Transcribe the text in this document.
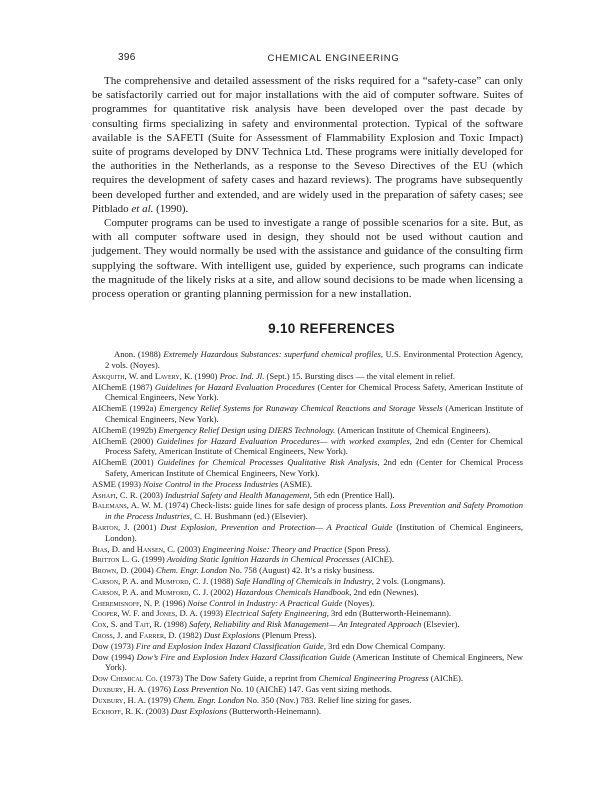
396	CHEMICAL ENGINEERING

The comprehensive and detailed assessment of the risks required for a “safety-case” can only be satisfactorily carried out for major installations with the aid of computer software. Suites of programmes for quantitative risk analysis have been developed over the past decade by consulting firms specializing in safety and environmental protection. Typical of the software available is the SAFETI (Suite for Assessment of Flammability Explosion and Toxic Impact) suite of programs developed by DNV Technica Ltd. These programs were initially developed for the authorities in the Netherlands, as a response to the Seveso Directives of the EU (which requires the development of safety cases and hazard reviews). The programs have subsequently been developed further and extended, and are widely used in the preparation of safety cases; see Pitblado et al. (1990).

Computer programs can be used to investigate a range of possible scenarios for a site. But, as with all computer software used in design, they should not be used without caution and judgement. They would normally be used with the assistance and guidance of the consulting firm supplying the software. With intelligent use, guided by experience, such programs can indicate the magnitude of the likely risks at a site, and allow sound decisions to be made when licensing a process operation or granting planning permission for a new installation.

9.10 REFERENCES

Anon. (1988) Extremely Hazardous Substances: superfund chemical profiles, U.S. Environmental Protection Agency, 2 vols. (Noyes).

Askquith, W. and Lavery, K. (1990) Proc. Ind. Jl. (Sept.) 15. Bursting discs — the vital element in relief.

AIChemE (1987) Guidelines for Hazard Evaluation Procedures (Center for Chemical Process Safety, American Institute of Chemical Engineers, New York).

AIChemE (1992a) Emergency Relief Systems for Runaway Chemical Reactions and Storage Vessels (American Institute of Chemical Engineers, New York).

AIChemE (1992b) Emergency Relief Design using DIERS Technology. (American Institute of Chemical Engineers).

AIChemE (2000) Guidelines for Hazard Evaluation Procedures— with worked examples, 2nd edn (Center for Chemical Process Safety, American Institute of Chemical Engineers, New York).

AIChemE (2001) Guidelines for Chemical Processes Qualitative Risk Analysis, 2nd edn (Center for Chemical Process Safety, American Institute of Chemical Engineers, New York).

ASME (1993) Noise Control in the Process Industries (ASME).

Ashafi, C. R. (2003) Industrial Safety and Health Management, 5th edn (Prentice Hall).

Balemans, A. W. M. (1974) Check-lists: guide lines for safe design of process plants. Loss Prevention and Safety Promotion in the Process Industries, C. H. Bushmann (ed.) (Elsevier).

Barton, J. (2001) Dust Explosion, Prevention and Protection— A Practical Guide (Institution of Chemical Engineers, London).

Bias, D. and Hansen, C. (2003) Engineering Noise: Theory and Practice (Spon Press).

Britton L. G. (1999) Avoiding Static Ignition Hazards in Chemical Processes (AIChE).

Brown, D. (2004) Chem. Engr. London No. 758 (August) 42. It’s a risky business.

Carson, P. A. and Mumford, C. J. (1988) Safe Handling of Chemicals in Industry, 2 vols. (Longmans).

Carson, P. A. and Mumford, C. J. (2002) Hazardous Chemicals Handbook, 2nd edn (Newnes).

Cheremisnoff, N. P. (1996) Noise Control in Industry: A Practical Guide (Noyes).

Cooper, W. F. and Jones, D. A. (1993) Electrical Safety Engineering, 3rd edn (Butterworth-Heinemann).

Cox, S. and Tait, R. (1998) Safety, Reliability and Risk Management— An Integrated Approach (Elsevier).

Cross, J. and Farrer, D. (1982) Dust Explosions (Plenum Press).

Dow (1973) Fire and Explosion Index Hazard Classification Guide, 3rd edn Dow Chemical Company.

Dow (1994) Dow’s Fire and Explosion Index Hazard Classification Guide (American Institute of Chemical Engineers, New York).

Dow Chemical Co. (1973) The Dow Safety Guide, a reprint from Chemical Engineering Progress (AIChE).

Duxbury, H. A. (1976) Loss Prevention No. 10 (AIChE) 147. Gas vent sizing methods.

Duxbury, H. A. (1979) Chem. Engr. London No. 350 (Nov.) 783. Relief line sizing for gases.

Eckhoff, R. K. (2003) Dust Explosions (Butterworth-Heinemann).
